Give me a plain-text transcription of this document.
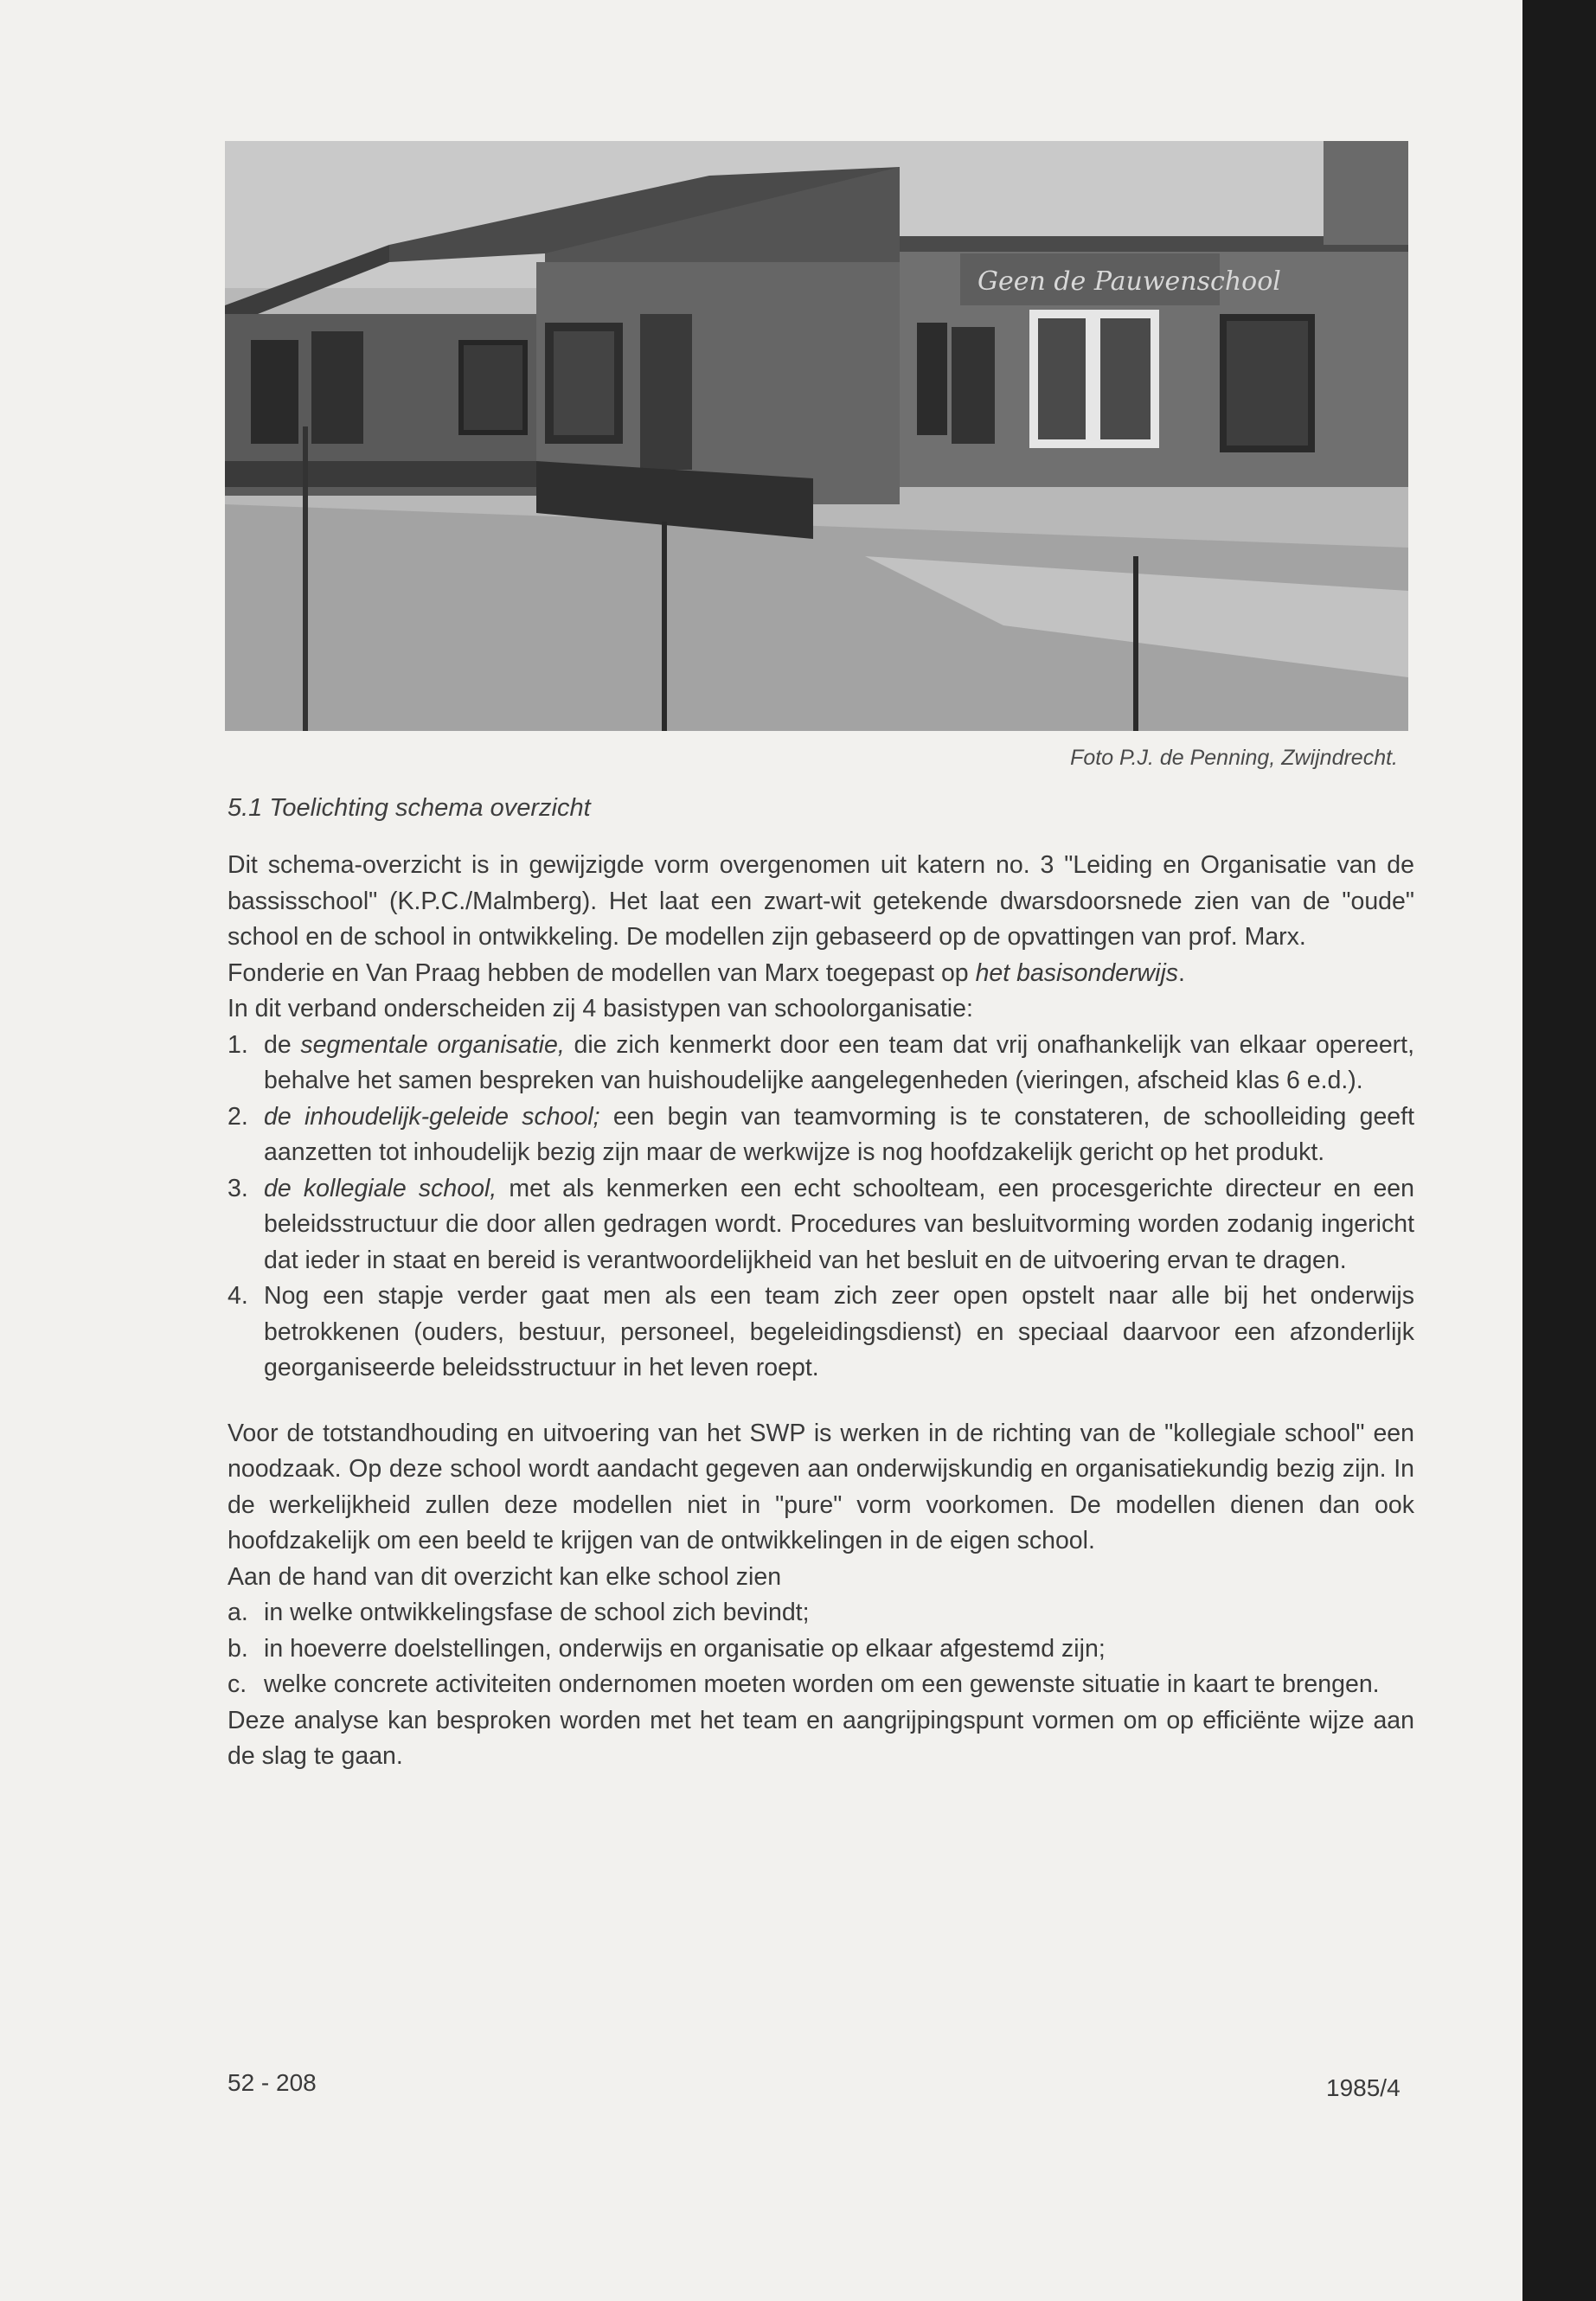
Geen de Pauwenschool
Foto P.J. de Penning, Zwijndrecht.
5.1 Toelichting schema overzicht

Dit schema-overzicht is in gewijzigde vorm overgenomen uit katern no. 3 "Leiding en Organisatie van de bassisschool" (K.P.C./Malmberg). Het laat een zwart-wit getekende dwarsdoorsnede zien van de "oude" school en de school in ontwikkeling. De modellen zijn gebaseerd op de opvattingen van prof. Marx.

Fonderie en Van Praag hebben de modellen van Marx toegepast op het basisonderwijs.

In dit verband onderscheiden zij 4 basistypen van schoolorganisatie:

1. de segmentale organisatie, die zich kenmerkt door een team dat vrij onafhankelijk van elkaar opereert, behalve het samen bespreken van huishoudelijke aangelegenheden (vieringen, afscheid klas 6 e.d.).
2. de inhoudelijk-geleide school; een begin van teamvorming is te constateren, de schoolleiding geeft aanzetten tot inhoudelijk bezig zijn maar de werkwijze is nog hoofdzakelijk gericht op het produkt.
3. de kollegiale school, met als kenmerken een echt schoolteam, een procesgerichte directeur en een beleidsstructuur die door allen gedragen wordt. Procedures van besluitvorming worden zodanig ingericht dat ieder in staat en bereid is verantwoordelijkheid van het besluit en de uitvoering ervan te dragen.
4. Nog een stapje verder gaat men als een team zich zeer open opstelt naar alle bij het onderwijs betrokkenen (ouders, bestuur, personeel, begeleidingsdienst) en speciaal daarvoor een afzonderlijk georganiseerde beleidsstructuur in het leven roept.

Voor de totstandhouding en uitvoering van het SWP is werken in de richting van de "kollegiale school" een noodzaak. Op deze school wordt aandacht gegeven aan onderwijskundig en organisatiekundig bezig zijn. In de werkelijkheid zullen deze modellen niet in "pure" vorm voorkomen. De modellen dienen dan ook hoofdzakelijk om een beeld te krijgen van de ontwikkelingen in de eigen school.

Aan de hand van dit overzicht kan elke school zien

a. in welke ontwikkelingsfase de school zich bevindt;
b. in hoeverre doelstellingen, onderwijs en organisatie op elkaar afgestemd zijn;
c. welke concrete activiteiten ondernomen moeten worden om een gewenste situatie in kaart te brengen.

Deze analyse kan besproken worden met het team en aangrijpingspunt vormen om op efficiënte wijze aan de slag te gaan.

52 - 208	1985/4
